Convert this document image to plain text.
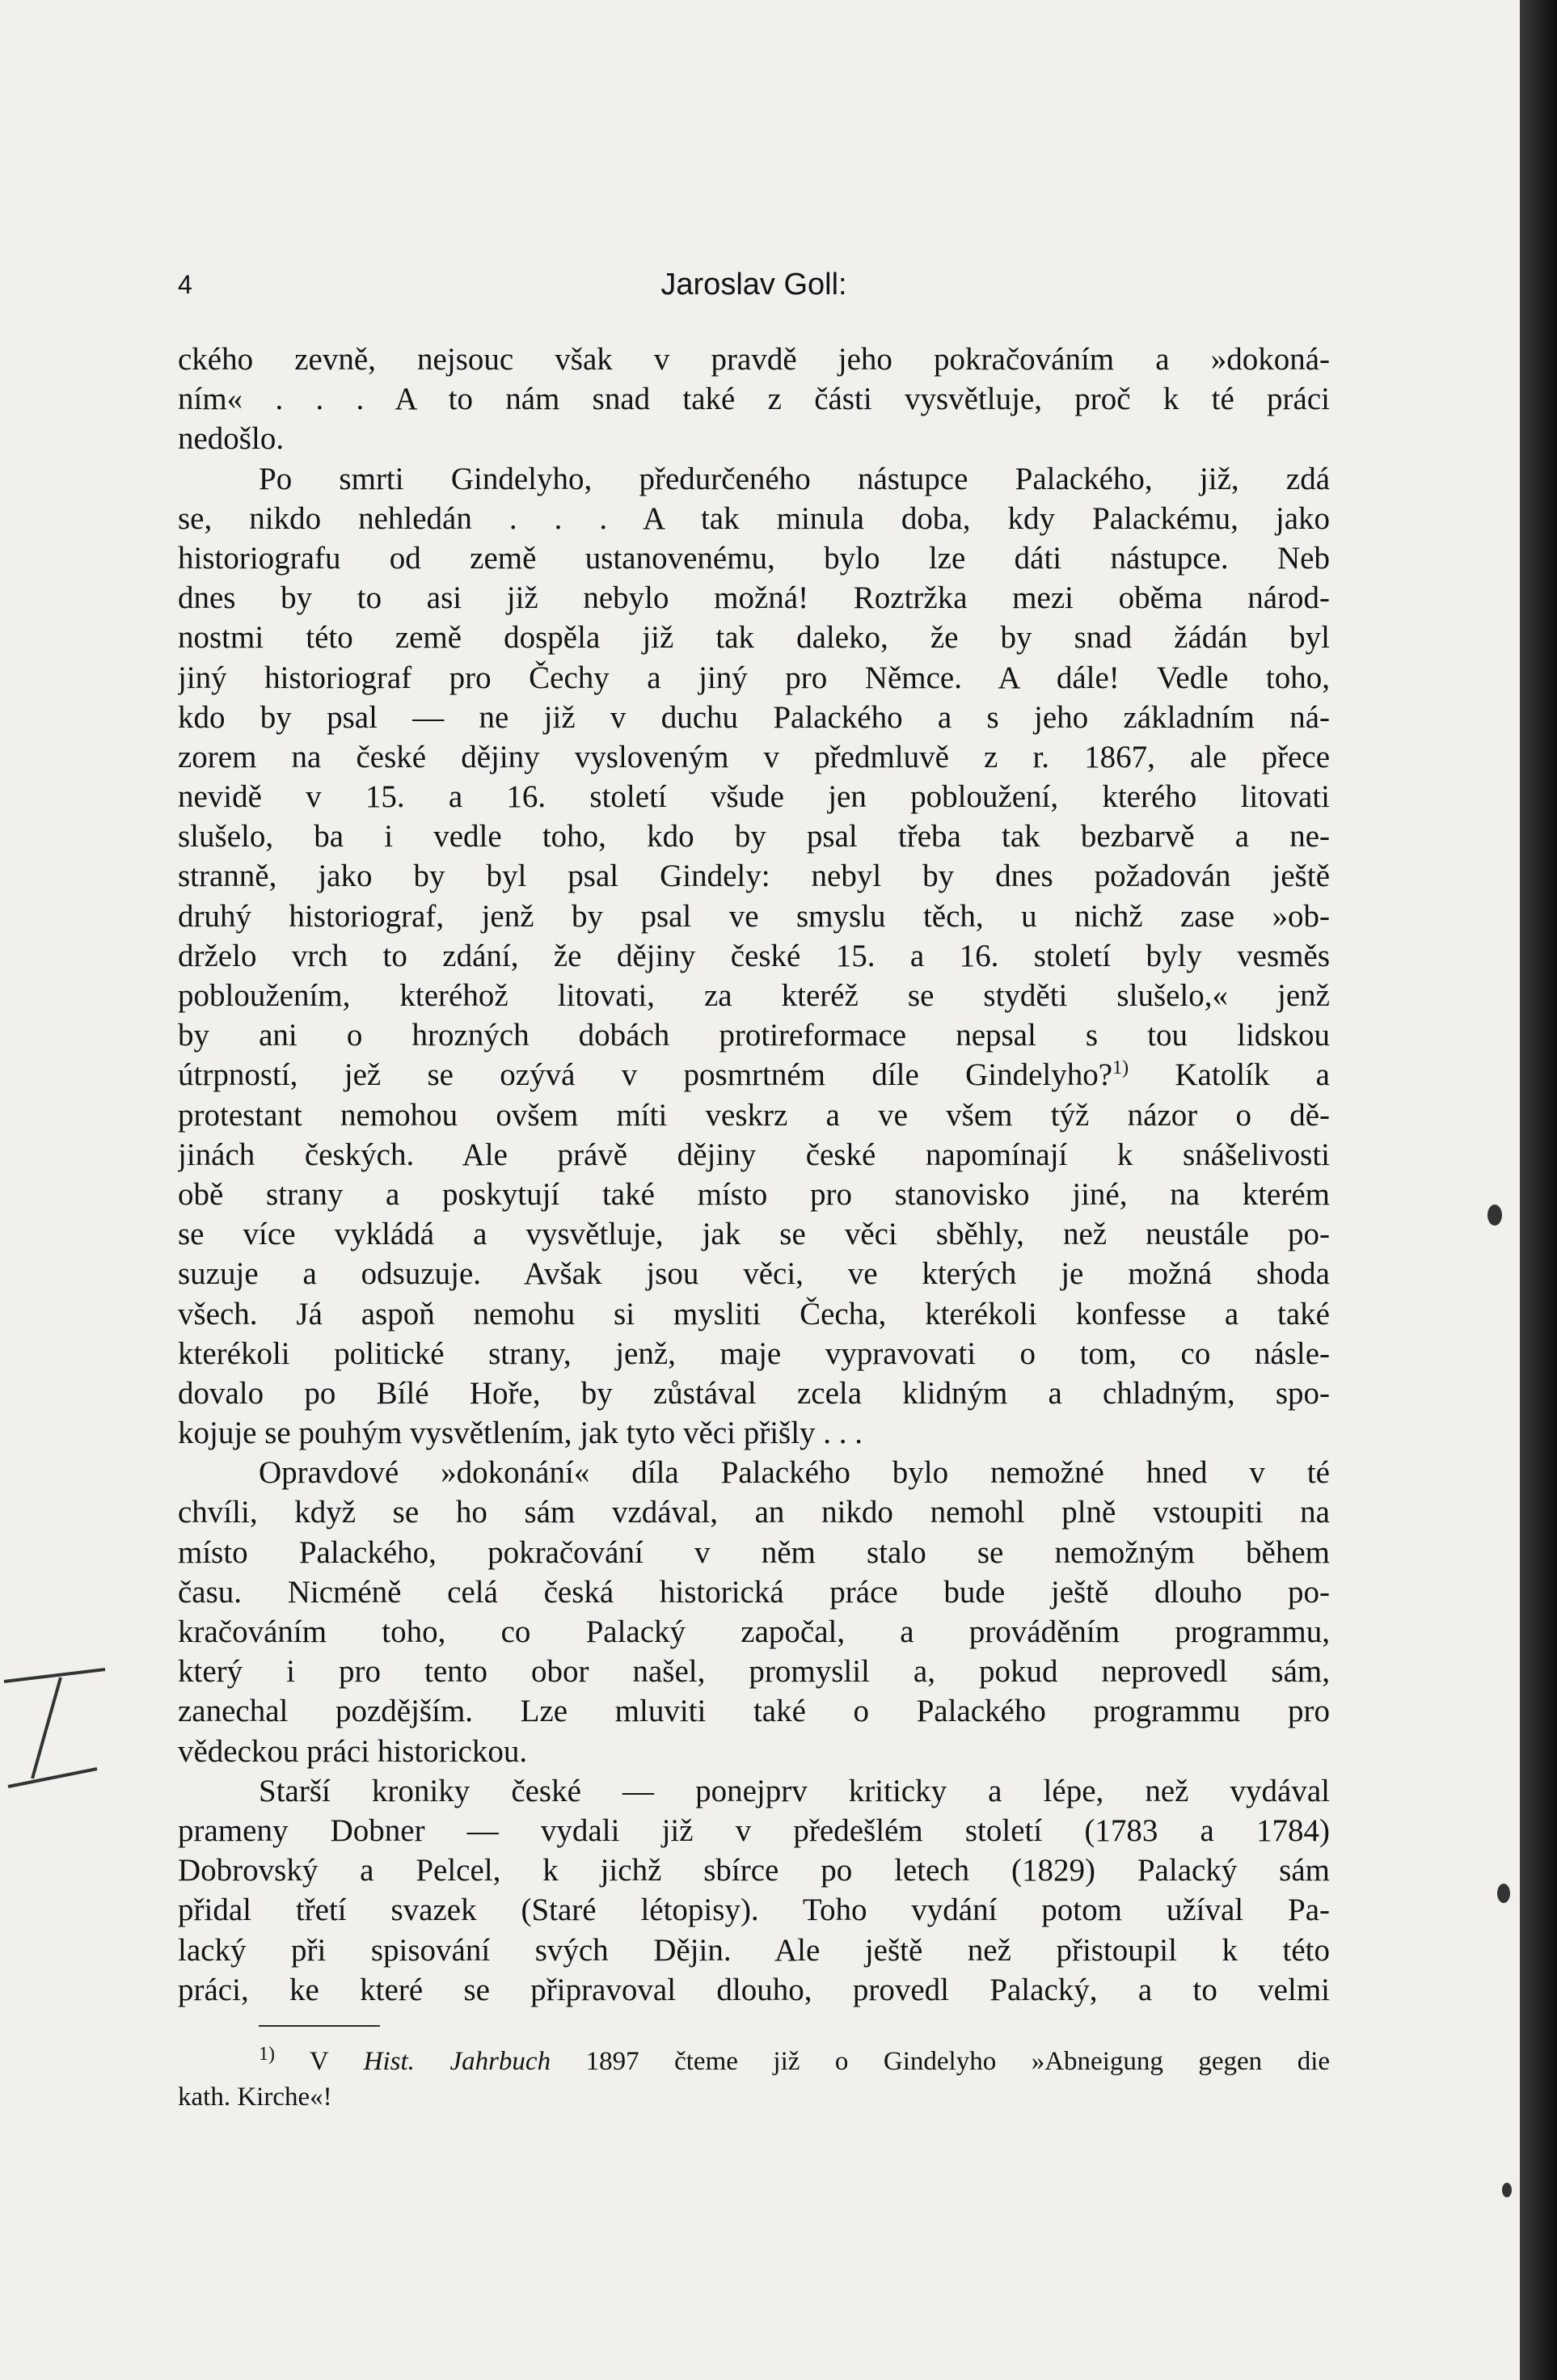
4	Jaroslav Goll:
ckého zevně, nejsouc však v pravdě jeho pokračováním a »dokoná-
ním« . . . A to nám snad také z části vysvětluje, proč k té práci
nedošlo.
Po smrti Gindelyho, předurčeného nástupce Palackého, již, zdá
se, nikdo nehledán . . . A tak minula doba, kdy Palackému, jako
historiografu od země ustanovenému, bylo lze dáti nástupce. Neb
dnes by to asi již nebylo možná! Roztržka mezi oběma národ-
nostmi této země dospěla již tak daleko, že by snad žádán byl
jiný historiograf pro Čechy a jiný pro Němce. A dále! Vedle toho,
kdo by psal — ne již v duchu Palackého a s jeho základním ná-
zorem na české dějiny vysloveným v předmluvě z r. 1867, ale přece
nevidě v 15. a 16. století všude jen pobloužení, kterého litovati
slušelo, ba i vedle toho, kdo by psal třeba tak bezbarvě a ne-
stranně, jako by byl psal Gindely: nebyl by dnes požadován ještě
druhý historiograf, jenž by psal ve smyslu těch, u nichž zase »ob-
drželo vrch to zdání, že dějiny české 15. a 16. století byly vesměs
pobloužením, kteréhož litovati, za kteréž se styděti slušelo,« jenž
by ani o hrozných dobách protireformace nepsal s tou lidskou
útrpností, jež se ozývá v posmrtném díle Gindelyho?$^{1)}$ Katolík a
protestant nemohou ovšem míti veskrz a ve všem týž názor o dě-
jinách českých. Ale právě dějiny české napomínají k snášelivosti
obě strany a poskytují také místo pro stanovisko jiné, na kterém
se více vykládá a vysvětluje, jak se věci sběhly, než neustále po-
suzuje a odsuzuje. Avšak jsou věci, ve kterých je možná shoda
všech. Já aspoň nemohu si mysliti Čecha, kterékoli konfesse a také
kterékoli politické strany, jenž, maje vypravovati o tom, co násle-
dovalo po Bílé Hoře, by zůstával zcela klidným a chladným, spo-
kojuje se pouhým vysvětlením, jak tyto věci přišly . . .
Opravdové »dokonání« díla Palackého bylo nemožné hned v té
chvíli, když se ho sám vzdával, an nikdo nemohl plně vstoupiti na
místo Palackého, pokračování v něm stalo se nemožným během
času. Nicméně celá česká historická práce bude ještě dlouho po-
kračováním toho, co Palacký započal, a prováděním programmu,
který i pro tento obor našel, promyslil a, pokud neprovedl sám,
zanechal pozdějším. Lze mluviti také o Palackého programmu pro
vědeckou práci historickou.
Starší kroniky české — ponejprv kriticky a lépe, než vydával
prameny Dobner — vydali již v předešlém století (1783 a 1784)
Dobrovský a Pelcel, k jichž sbírce po letech (1829) Palacký sám
přidal třetí svazek (Staré létopisy). Toho vydání potom užíval Pa-
lacký při spisování svých Dějin. Ale ještě než přistoupil k této
práci, ke které se připravoval dlouho, provedl Palacký, a to velmi
$^{1)}$ V Hist. Jahrbuch 1897 čteme již o Gindelyho »Abneigung gegen die
kath. Kirche«!
